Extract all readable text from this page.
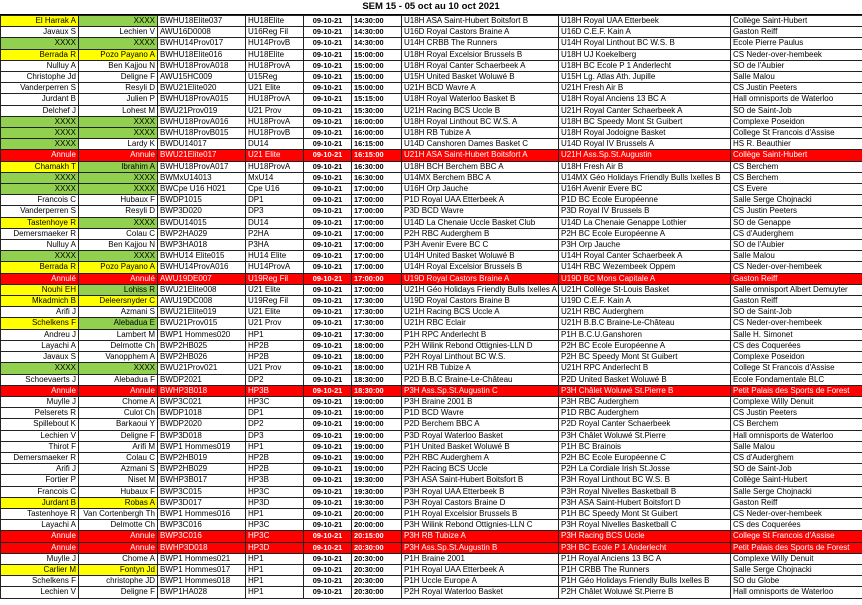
SEM 15 - 05 oct au 10 oct 2021
El Harrak A	XXXX	BWHU18Elite037	HU18Elite	09-10-21	14:30:00	U18H ASA Saint-Hubert Boitsfort B	U18H Royal UAA Etterbeek	Collège Saint-Hubert
Javaux S	Lechien V	AWU16D0008	U16Reg Fil	09-10-21	14:30:00	U16D Royal Castors Braine A	U16D C.E.F. Kain A	Gaston Reiff
XXXX	XXXX	BWHU14Prov017	HU14ProvB	09-10-21	14:30:00	U14H CRBB The Runners	U14H Royal Linthout BC W.S. B	Ecole Pierre Paulus
Berrada R	Pozo Payano A	BWHU18Elite016	HU18Elite	09-10-21	15:00:00	U18H Royal Excelsior Brussels B	U18H UJ Koekelberg	CS Neder-over-hembeek
Nulluy A	Ben Kajjou N	BWHU18ProvA018	HU18ProvA	09-10-21	15:00:00	U18H Royal Canter Schaerbeek A	U18H BC Ecole P 1 Anderlecht	SO de l'Aubier
Christophe Jd	Deligne F	AWU15HC009	U15Reg	09-10-21	15:00:00	U15H United Basket Woluwé B	U15H Lg. Atlas Ath. Jupille	Salle Malou
Vanderperren S	Resyli D	BWU21Elite020	U21 Elite	09-10-21	15:00:00	U21H BCD Wavre A	U21H Fresh Air B	CS Justin Peeters
Jurdant B	Julien P	BWHU18ProvA015	HU18ProvA	09-10-21	15:15:00	U18H Royal Waterloo Basket B	U18H Royal Anciens 13 BC A	Hall omnisports de Waterloo
Delchef J	Lohest M	BWU21Prov019	U21 Prov	09-10-21	15:30:00	U21H Racing BCS Uccle B	U21H Royal Canter Schaerbeek A	SO de Saint-Job
XXXX	XXXX	BWHU18ProvA016	HU18ProvA	09-10-21	16:00:00	U18H Royal Linthout BC W.S. A	U18H BC Speedy Mont St Guibert	Complexe Poseidon
XXXX	XXXX	BWHU18ProvB015	HU18ProvB	09-10-21	16:00:00	U18H RB Tubize A	U18H Royal Jodoigne Basket	College St Francois d'Assise
XXXX	Lardy K	BWDU14017	DU14	09-10-21	16:15:00	U14D Canshoren Dames Basket C	U14D Royal IV Brussels A	HS R. Beauthier
Annule	Annule	BWU21Elite017	U21 Elite	09-10-21	16:15:00	U21H ASA Saint-Hubert Boitsfort A	U21H Ass.Sp.St.Augustin	Collège Saint-Hubert
Chamakh T	Ibrahim A	BWHU18ProvA017	HU18ProvA	09-10-21	16:30:00	U18H BCH Berchem BBC A	U18H Fresh Air B	CS Berchem
XXXX	XXXX	BWMxU14013	MxU14	09-10-21	16:30:00	U14MX Berchem BBC A	U14MX Géo Holidays Friendly Bulls Ixelles B	CS Berchem
XXXX	XXXX	BWCpe U16 H021	Cpe U16	09-10-21	17:00:00	U16H Orp Jauche	U16H Avenir Evere BC	CS Evere
Francois C	Hubaux F	BWDP1015	DP1	09-10-21	17:00:00	P1D Royal UAA Etterbeek A	P1D BC Ecole Européenne	Salle Serge Chojnacki
Vanderperren S	Resyli D	BWP3D020	DP3	09-10-21	17:00:00	P3D BCD Wavre	P3D Royal IV Brussels B	CS Justin Peeters
Tastenhoye R	XXXX	BWDU14015	DU14	09-10-21	17:00:00	U14D La Chenaie Uccle Basket Club	U14D La Chenaie Genappe Lothier	SO de Genappe
Demersmaeker R	Colau C	BWP2HA029	P2HA	09-10-21	17:00:00	P2H RBC Auderghem B	P2H BC Ecole Européenne A	CS d'Auderghem
Nulluy A	Ben Kajjou N	BWP3HA018	P3HA	09-10-21	17:00:00	P3H Avenir Evere BC C	P3H Orp Jauche	SO de l'Aubier
XXXX	XXXX	BWHU14 Elite015	HU14 Elite	09-10-21	17:00:00	U14H United Basket Woluwé B	U14H Royal Canter Schaerbeek A	Salle Malou
Berrada R	Pozo Payano A	BWHU14ProvA016	HU14ProvA	09-10-21	17:00:00	U14H Royal Excelsior Brussels B	U14H RBC Wezembeek Oppem	CS Neder-over-hembeek
Annulé	Annulé	AWU19DE007	U19Reg Fil	09-10-21	17:00:00	U19D Royal Castors Braine A	U19D BC Mons Capitale A	Gaston Reiff
Nouhi EH	Lohiss R	BWU21Elite008	U21 Elite	09-10-21	17:00:00	U21H Géo Holidays Friendly Bulls Ixelles A	U21H Collège St-Louis Basket	Salle omnisport Albert Demuyter
Mkadmich B	Deleersnyder C	AWU19DC008	U19Reg Fil	09-10-21	17:30:00	U19D Royal Castors Braine B	U19D C.E.F. Kain A	Gaston Reiff
Arifi J	Azmani S	BWU21Elite019	U21 Elite	09-10-21	17:30:00	U21H Racing BCS Uccle A	U21H RBC Auderghem	SO de Saint-Job
Schelkens F	Alebadua E	BWU21Prov015	U21 Prov	09-10-21	17:30:00	U21H RBC Eclair	U21H B.B.C Braine-Le-Château	CS Neder-over-hembeek
Andreu J	Lambert M	BWP1 Hommes020	HP1	09-10-21	17:30:00	P1H RPC Anderlecht B	P1H B.C.U.Ganshoren	Salle H. Simonet
Layachi A	Delmotte Ch	BWP2HB025	HP2B	09-10-21	18:00:00	P2H Wilink Rebond Ottignies-LLN D	P2H BC Ecole Européenne A	CS des Coquerées
Javaux S	Vanopphem A	BWP2HB026	HP2B	09-10-21	18:00:00	P2H Royal Linthout BC W.S.	P2H BC Speedy Mont St Guibert	Complexe Poseidon
XXXX	XXXX	BWU21Prov021	U21 Prov	09-10-21	18:00:00	U21H RB Tubize A	U21H RPC Anderlecht B	College St Francois d'Assise
Schoevaerts J	Alebadua F	BWDP2021	DP2	09-10-21	18:30:00	P2D B.B.C Braine-Le-Château	P2D United Basket Woluwé B	Ecole Fondamentale BLC
Annule	Annule	BWHP3B018	HP3B	09-10-21	18:30:00	P3H Ass.Sp.St.Augustin C	P3H Châlet Woluwé St.Pierre B	Petit Palais des Sports de Forest
Muylle J	Chome A	BWP3C021	HP3C	09-10-21	19:00:00	P3H Braine 2001 B	P3H RBC Auderghem	Complexe Willy Denuit
Pelserets R	Culot Ch	BWDP1018	DP1	09-10-21	19:00:00	P1D BCD Wavre	P1D RBC Auderghem	CS Justin Peeters
Spillebout K	Barkaoui Y	BWDP2020	DP2	09-10-21	19:00:00	P2D Berchem BBC A	P2D Royal Canter Schaerbeek	CS Berchem
Lechien V	Deligne F	BWP3D018	DP3	09-10-21	19:00:00	P3D Royal Waterloo Basket	P3H Châlet Woluwé St.Pierre	Hall omnisports de Waterloo
Thirot F	Arifi M	BWP1 Hommes019	HP1	09-10-21	19:00:00	P1H United Basket Woluwé B	P1H BC Brainois	Salle Malou
Demersmaeker R	Colau C	BWP2HB019	HP2B	09-10-21	19:00:00	P2H RBC Auderghem A	P2H BC Ecole Européenne C	CS d'Auderghem
Arifi J	Azmani S	BWP2HB029	HP2B	09-10-21	19:00:00	P2H Racing BCS Uccle	P2H La Cordiale Irish St.Josse	SO de Saint-Job
Fortier P	Niset M	BWHP3B017	HP3B	09-10-21	19:30:00	P3H ASA Saint-Hubert Boitsfort B	P3H Royal Linthout BC W.S. B	Collège Saint-Hubert
Francois C	Hubaux F	BWP3C015	HP3C	09-10-21	19:30:00	P3H Royal UAA Etterbeek B	P3H Royal Nivelles Basketball B	Salle Serge Chojnacki
Jurdant B	Robas A	BWP3D017	HP3D	09-10-21	19:30:00	P3H Royal Castors Braine D	P3H ASA Saint-Hubert Boitsfort D	Gaston Reiff
Tastenhoye R	Van Cortenbergh Th	BWP1 Hommes016	HP1	09-10-21	20:00:00	P1H Royal Excelsior Brussels B	P1H BC Speedy Mont St Guibert	CS Neder-over-hembeek
Layachi A	Delmotte Ch	BWP3C016	HP3C	09-10-21	20:00:00	P3H Wilink Rebond Ottignies-LLN C	P3H Royal Nivelles Basketball C	CS des Coquerées
Annule	Annule	BWP3C016	HP3C	09-10-21	20:15:00	P3H RB Tubize A	P3H Racing BCS Uccle	College St Francois d'Assise
Annule	Annule	BWHP3D018	HP3D	09-10-21	20:30:00	P3H Ass.Sp.St.Augustin B	P3H BC Ecole P 1 Anderlecht	Petit Palais des Sports de Forest
Muylle J	Chome A	BWP1 Hommes021	HP1	09-10-21	20:30:00	P1H Braine 2001	P1H Royal Anciens 13 BC A	Complexe Willy Denuit
Carlier M	Fontyn Jd	BWP1 Hommes017	HP1	09-10-21	20:30:00	P1H Royal UAA Etterbeek A	P1H CRBB The Runners	Salle Serge Chojnacki
Schelkens F	christophe JD	BWP1 Hommes018	HP1	09-10-21	20:30:00	P1H Uccle Europe A	P1H Géo Holidays Friendly Bulls Ixelles B	SO du Globe
Lechien V	Deligne F	BWP1HA028	HP1	09-10-21	20:30:00	P2H Royal Waterloo Basket	P2H Châlet Woluwé St.Pierre B	Hall omnisports de Waterloo
